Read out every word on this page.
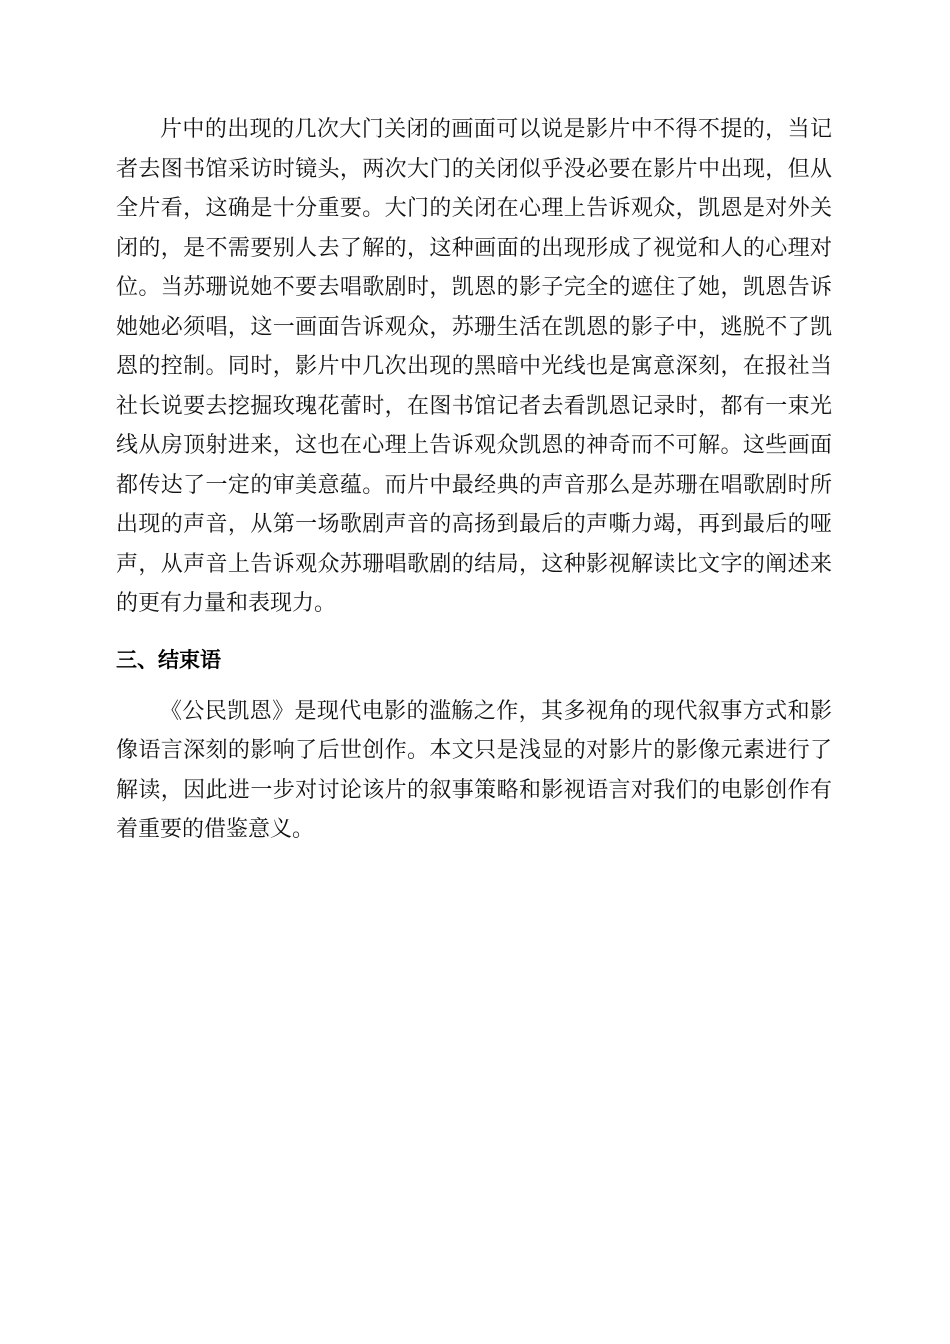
片中的出现的几次大门关闭的画面可以说是影片中不得不提的，当记者去图书馆采访时镜头，两次大门的关闭似乎没必要在影片中出现，但从全片看，这确是十分重要。大门的关闭在心理上告诉观众，凯恩是对外关闭的，是不需要别人去了解的，这种画面的出现形成了视觉和人的心理对位。当苏珊说她不要去唱歌剧时，凯恩的影子完全的遮住了她，凯恩告诉她她必须唱，这一画面告诉观众，苏珊生活在凯恩的影子中，逃脱不了凯恩的控制。同时，影片中几次出现的黑暗中光线也是寓意深刻，在报社当社长说要去挖掘玫瑰花蕾时，在图书馆记者去看凯恩记录时，都有一束光线从房顶射进来，这也在心理上告诉观众凯恩的神奇而不可解。这些画面都传达了一定的审美意蕴。而片中最经典的声音那么是苏珊在唱歌剧时所出现的声音，从第一场歌剧声音的高扬到最后的声嘶力竭，再到最后的哑声，从声音上告诉观众苏珊唱歌剧的结局，这种影视解读比文字的阐述来的更有力量和表现力。

三、结束语

《公民凯恩》是现代电影的滥觞之作，其多视角的现代叙事方式和影像语言深刻的影响了后世创作。本文只是浅显的对影片的影像元素进行了解读，因此进一步对讨论该片的叙事策略和影视语言对我们的电影创作有着重要的借鉴意义。
